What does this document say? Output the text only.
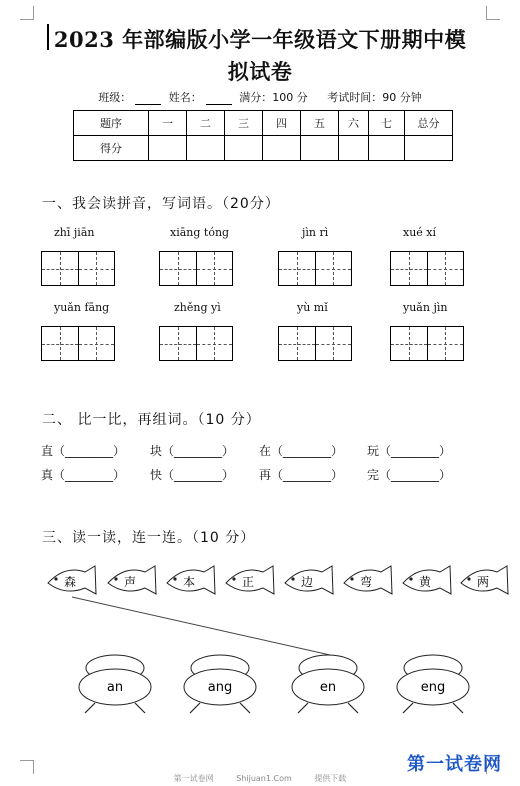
2023 年部编版小学一年级语文下册期中模
拟试卷
班级：	姓名：	满分：100 分 考试时间：90 分钟
题序	一	二	三	四	五	六	七	总分
得分								
一、我会读拼音，写词语。（20分）
zhī jiān	xiāng tóng	jìn rì	xué xí
yuǎn fāng	zhěng yì	yù mǐ	yuǎn jìn
二、 比一比，再组词。（10 分）
直（________） 块（________） 在（________） 玩（________）
真（________） 快（________） 再（________） 完（________）
三、读一读，连一连。（10 分）
森	声	本	正	边	弯	黄	两
an	ang	en	eng
第一试卷网	Shijuan1.Com	提供下载
第一试卷网
